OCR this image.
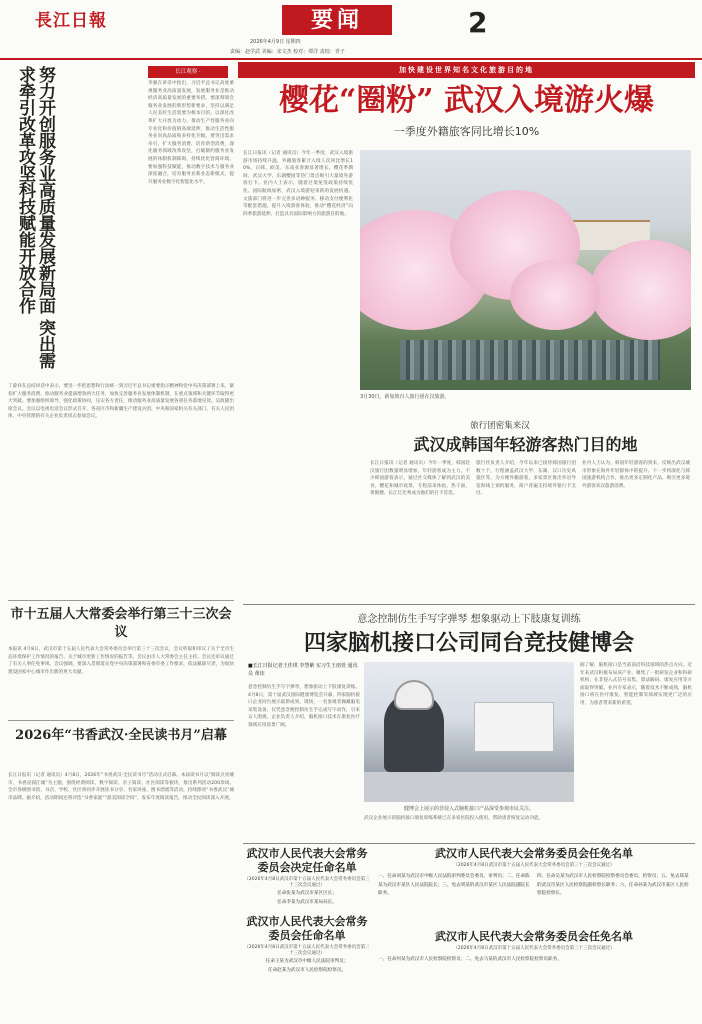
長江日報	要闻	2
2026年4月9日 星期四
责编：赵学武 美编：宋文杰 校对：谭洋 责校：青子
努力开创服务业高质量发展新局面 突出需求牵引改革攻坚科技赋能开放合作	长江观察 ·
李强在讲话中指出，习近平总书记高度重视服务业高质量发展，发展服务业是推动经济高质量发展的重要举措。要深刻领会服务业发展的新形势新要求，坚持以满足人民美好生活需要为根本目的，以深化改革扩大开放为动力，推动生产性服务业向专业化和价值链高端延伸，推动生活性服务业向高品质和多样化升级。要突出需求牵引，扩大服务消费，培育新型消费，深化服务领域改革攻坚，打破制约服务业发展的体制机制障碍，持续优化营商环境。要加强科技赋能，推动数字技术与服务业深度融合，培育服务业新业态新模式，提升服务业数字化智能化水平。
丁薛祥在总结讲话中表示，要进一步把思想和行动统一到习近平总书记重要指示精神和党中央决策部署上来，紧扣扩大服务消费、推动服务业提质增效两大任务，加快完善服务业发展体制机制，在重点领域和关键环节取得更大突破。要加强组织领导，强化政策协同，压实各方责任，推动服务业高质量发展各项任务落地见效。吴政隆出席会议。会议以电视电话会议形式召开，各省区市和新疆生产建设兵团、中央和国家机关有关部门、有关人民团体、中央管理的有关企业负责同志参加会议。
市十五届人大常委会举行第三十三次会议
本报讯 4月8日，武汉市第十五届人民代表大会常务委员会举行第三十三次会议，会议听取和审议了关于全市生态环境保护工作情况的报告、关于城市更新工作情况的报告等。会议由市人大常委会主任主持。会议还审议通过了有关人事任免事项。会议强调，要深入贯彻落实党中央决策部署和省委市委工作要求，依法履职尽责，为加快建设国家中心城市作出新的更大贡献。
2026年“书香武汉·全民读书月”启幕
长江日报讯（记者 通讯员）4月8日，2026年“书香武汉·全民读书月”活动正式启幕。本届读书月以“阅读点亮城市，书香浸润江城”为主题，围绕经典阅读、数字阅读、亲子阅读、社区阅读等板块，推出系列活动200余场。全市各级图书馆、书店、学校、社区将同步开展读书分享、名家讲座、图书漂流等活动，持续擦亮“书香武汉”城市品牌。据介绍，活动期间还将评选“书香家庭”“最美阅读空间”，发布年度阅读报告，推动全民阅读深入开展。
加快建设世界知名文化旅游目的地
樱花“圈粉” 武汉入境游火爆
一季度外籍旅客同比增长10%
长江日报讯（记者 通讯员）今年一季度，武汉入境旅游市场持续升温，外籍旅客累计入境人次同比增长10%，日韩、欧美、东南亚客源显著增长。樱花季期间，武汉大学、东湖樱园等热门景点吸引大量境外游客打卡。业内人士表示，随着过境免签政策持续优化、国际航线加密，武汉入境游迎来新的发展机遇。文旅部门将进一步完善多语种服务、移动支付便利化等配套措施，提升入境游客体验，推动“樱花经济”向四季旅游延伸，打造具有国际影响力的旅游目的地。
3月30日，新加坡百人旅行团在汉旅游。
旅行团密集来汉
武汉成韩国年轻游客热门目的地
长江日报讯（记者 通讯员）今年一季度，韩国赴汉旅行团数量明显增加，年轻游客成为主力。不少韩国游客表示，通过社交媒体了解到武汉的美食、樱花和城市夜景，专程前来体验。热干面、黄鹤楼、长江灯光秀成为他们的打卡首选。
旅行社负责人介绍，今年以来已接待韩国旅行团数十个，行程涵盖武汉大学、东湖、汉口历史风貌区等。为方便外籍游客，多家景区推出外语导览和线上预约服务，商户普遍支持境外银行卡支付。
业内人士认为，韩国年轻游客的到来，反映出武汉城市形象在海外年轻群体中的提升。下一步将深化与韩国旅游机构合作，推出更多定制化产品，吸引更多境外游客来汉旅游消费。
意念控制仿生手写字弹琴 想象驱动上下肢康复训练
四家脑机接口公司同台竞技健博会
■长江日报记者王佳琪 李慧紫 实习生王雨萱 通讯员 黄玮
意念控制仿生手写字弹琴，想象驱动上下肢康复训练。4月8日，第十届武汉国际健康博览会开幕，四家脑机接口企业同台展示最新成果。现场，一名参观者佩戴脑电采集设备，仅凭意念便控制仿生手完成写字动作，引来众人围观。企业负责人介绍，脑机接口技术在康复医疗领域应用前景广阔。
健博会上展示的非侵入式脑机接口产品深受参观市民关注。
武汉企业展示的脑机接口康复训练系统已在多家医院投入使用，帮助患者恢复运动功能。
据了解，脑机接口是当前前沿科技领域的热点方向。近年来武汉积极布局该产业，聚集了一批研发企业和科研机构，在非侵入式信号采集、算法解码、康复应用等方面取得突破。业内专家表示，随着技术不断成熟，脑机接口将在医疗康复、智能控制等领域实现更广泛的应用，为患者带来新的希望。
武汉市人民代表大会常务委员会决定任命名单
（2026年4月8日武汉市第十五届人民代表大会常务委员会第三十三次会议通过）
任命张某为武汉市某区区长；
任命李某为武汉市某局局长。
武汉市人民代表大会常务委员会任命名单
（2026年4月8日武汉市第十五届人民代表大会常务委员会第三十三次会议通过）
任命王某为武汉市中级人民法院审判员；
任命赵某为武汉市人民检察院检察员。
武汉市人民代表大会常务委员会任免名单
（2026年4月8日武汉市第十五届人民代表大会常务委员会第三十三次会议通过）
一、任命刘某为武汉市中级人民法院审判委员会委员、审判员；二、任命陈某为武汉市某区人民法院院长；三、免去周某的武汉市某区人民法院副院长职务。
四、任命吴某为武汉市人民检察院检察委员会委员、检察员；五、免去郑某的武汉市某区人民检察院副检察长职务；六、任命孙某为武汉市某区人民检察院检察长。
武汉市人民代表大会常务委员会任免名单
（2026年4月8日武汉市第十五届人民代表大会常务委员会第三十三次会议通过）
一、任命何某为武汉市人民检察院检察员；二、免去马某的武汉市人民检察院检察员职务。
